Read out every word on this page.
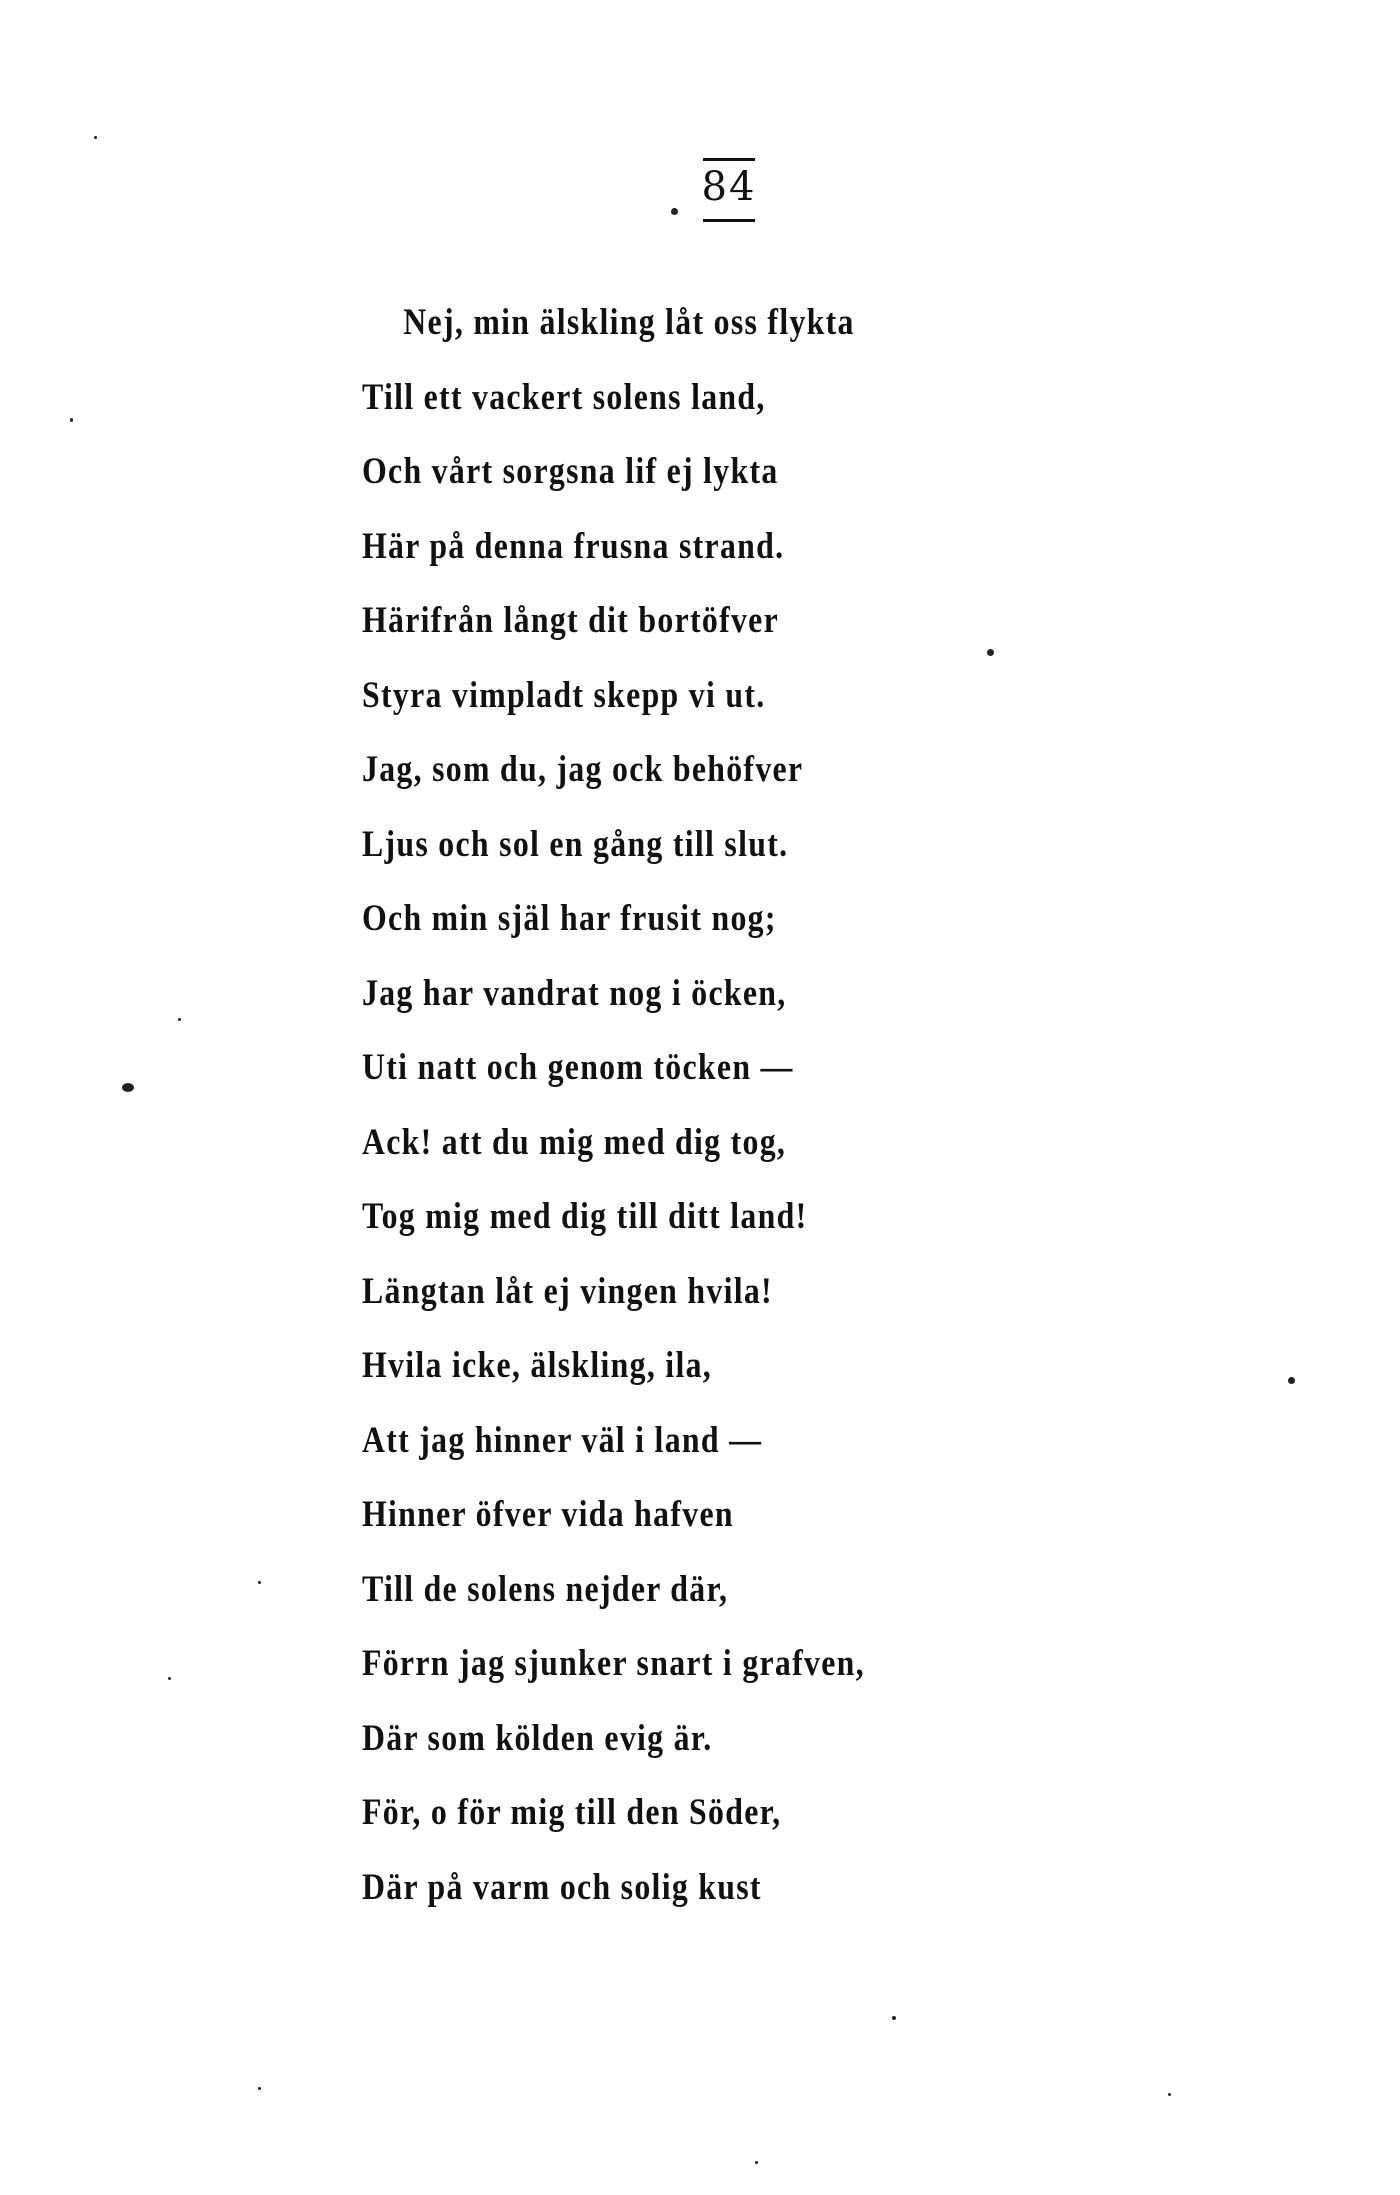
84
Nej, min älskling låt oss flykta
Till ett vackert solens land,
Och vårt sorgsna lif ej lykta
Här på denna frusna strand.
Härifrån långt dit bortöfver
Styra vimpladt skepp vi ut.
Jag, som du, jag ock behöfver
Ljus och sol en gång till slut.
Och min själ har frusit nog;
Jag har vandrat nog i öcken,
Uti natt och genom töcken —
Ack! att du mig med dig tog,
Tog mig med dig till ditt land!
Längtan låt ej vingen hvila!
Hvila icke, älskling, ila,
Att jag hinner väl i land —
Hinner öfver vida hafven
Till de solens nejder där,
Förrn jag sjunker snart i grafven,
Där som kölden evig är.
För, o för mig till den Söder,
Där på varm och solig kust
